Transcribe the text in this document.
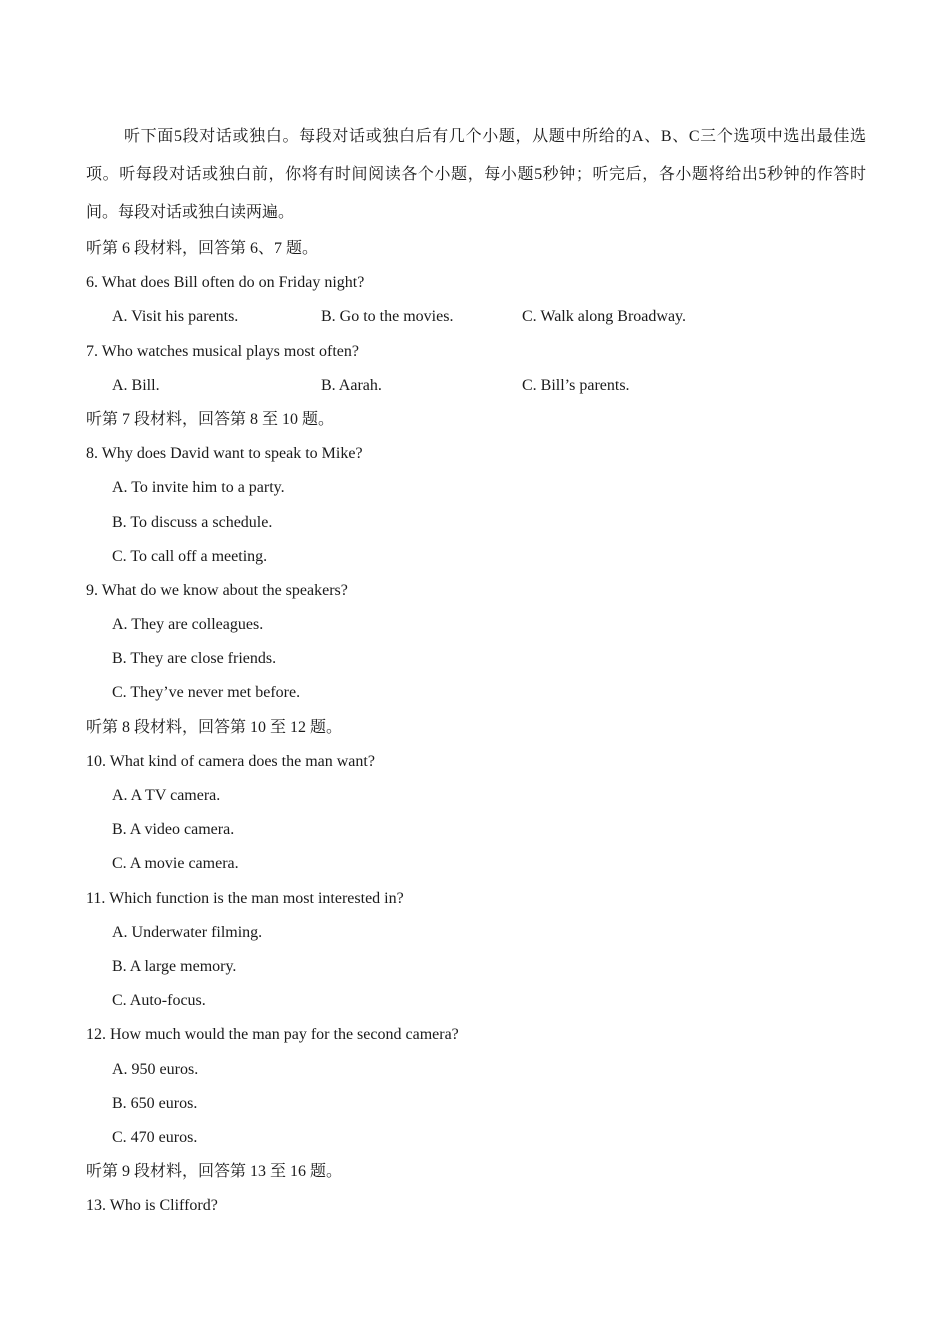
听下面5段对话或独白。每段对话或独白后有几个小题，从题中所给的A、B、C三个选项中选出最佳选项。听每段对话或独白前，你将有时间阅读各个小题，每小题5秒钟；听完后，各小题将给出5秒钟的作答时间。每段对话或独白读两遍。

听第 6 段材料，回答第 6、7 题。
6. What does Bill often do on Friday night?
A. Visit his parents.	B. Go to the movies.	C. Walk along Broadway.
7. Who watches musical plays most often?
A. Bill.	B. Aarah.	C. Bill’s parents.
听第 7 段材料，回答第 8 至 10 题。
8. Why does David want to speak to Mike?
A. To invite him to a party.
B. To discuss a schedule.
C. To call off a meeting.
9. What do we know about the speakers?
A. They are colleagues.
B. They are close friends.
C. They’ve never met before.
听第 8 段材料，回答第 10 至 12 题。
10. What kind of camera does the man want?
A. A TV camera.
B. A video camera.
C. A movie camera.
11. Which function is the man most interested in?
A. Underwater filming.
B. A large memory.
C. Auto-focus.
12. How much would the man pay for the second camera?
A. 950 euros.
B. 650 euros.
C. 470 euros.
听第 9 段材料，回答第 13 至 16 题。
13. Who is Clifford?
